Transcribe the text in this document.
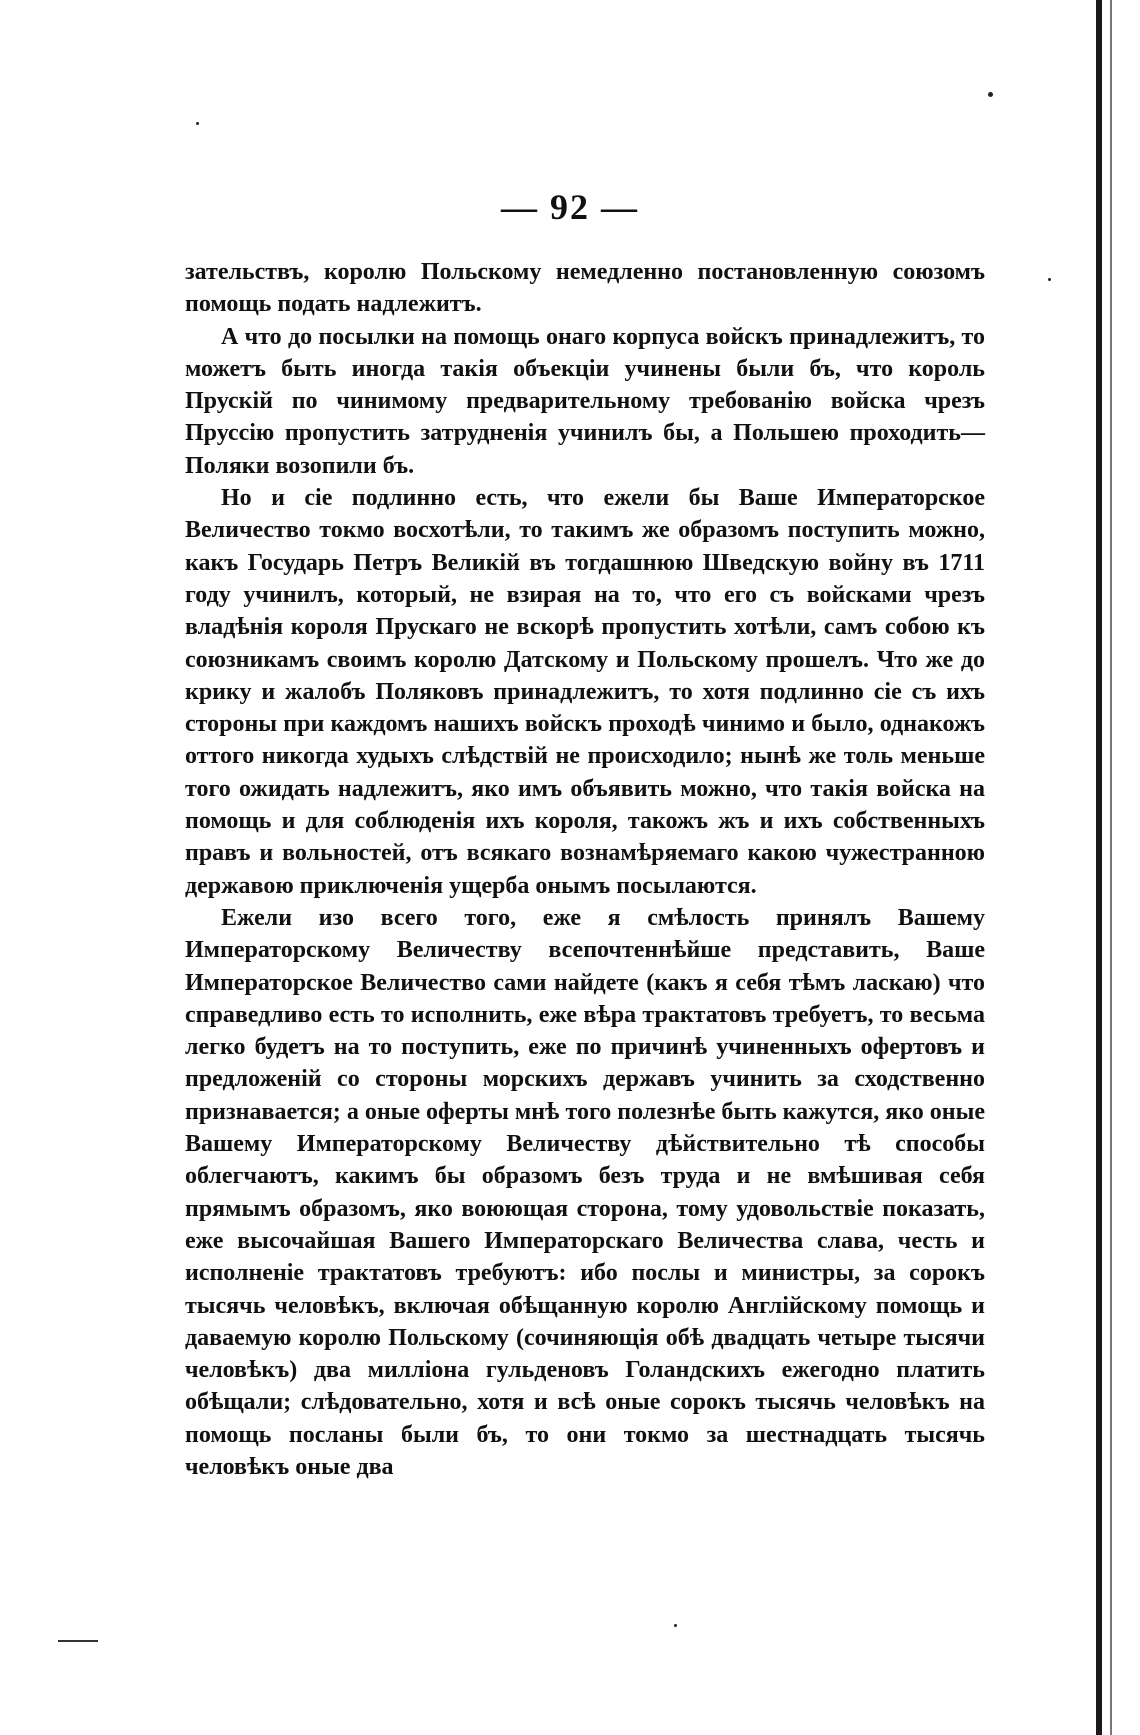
— 92 —

зательствъ, королю Польскому немедленно постановленную союзомъ помощь подать надлежитъ.

А что до посылки на помощь онаго корпуса войскъ принадлежитъ, то можетъ быть иногда такія объекціи учинены были бъ, что король Прускій по чинимому предварительному требованію войска чрезъ Пруссію пропустить затрудненія учинилъ бы, а Польшею проходить—Поляки возопили бъ.

Но и сіе подлинно есть, что ежели бы Ваше Императорское Величество токмо восхотѣли, то такимъ же образомъ поступить можно, какъ Государь Петръ Великій въ тогдашнюю Шведскую войну въ 1711 году учинилъ, который, не взирая на то, что его съ войсками чрезъ владѣнія короля Прускаго не вскорѣ пропустить хотѣли, самъ собою къ союзникамъ своимъ королю Датскому и Польскому прошелъ. Что же до крику и жалобъ Поляковъ принадлежитъ, то хотя подлинно сіе съ ихъ стороны при каждомъ нашихъ войскъ проходѣ чинимо и было, однакожъ оттого никогда худыхъ слѣдствій не происходило; нынѣ же толь меньше того ожидать надлежитъ, яко имъ объявить можно, что такія войска на помощь и для соблюденія ихъ короля, такожъ жъ и ихъ собственныхъ правъ и вольностей, отъ всякаго вознамѣряемаго какою чужестранною державою приключенія ущерба онымъ посылаются.

Ежели изо всего того, еже я смѣлость принялъ Вашему Императорскому Величеству всепочтеннѣйше представить, Ваше Императорское Величество сами найдете (какъ я себя тѣмъ ласкаю) что справедливо есть то исполнить, еже вѣра трактатовъ требуетъ, то весьма легко будетъ на то поступить, еже по причинѣ учиненныхъ офертовъ и предложеній со стороны морскихъ державъ учинить за сходственно признавается; а оные оферты мнѣ того полезнѣе быть кажутся, яко оные Вашему Императорскому Величеству дѣйствительно тѣ способы облегчаютъ, какимъ бы образомъ безъ труда и не вмѣшивая себя прямымъ образомъ, яко воюющая сторона, тому удовольствіе показать, еже высочайшая Вашего Императорскаго Величества слава, честь и исполненіе трактатовъ требуютъ: ибо послы и министры, за сорокъ тысячь человѣкъ, включая обѣщанную королю Англійскому помощь и даваемую королю Польскому (сочиняющія обѣ двадцать четыре тысячи человѣкъ) два милліона гульденовъ Голандскихъ ежегодно платить обѣщали; слѣдовательно, хотя и всѣ оные сорокъ тысячь человѣкъ на помощь посланы были бъ, то они токмо за шестнадцать тысячь человѣкъ оные два
